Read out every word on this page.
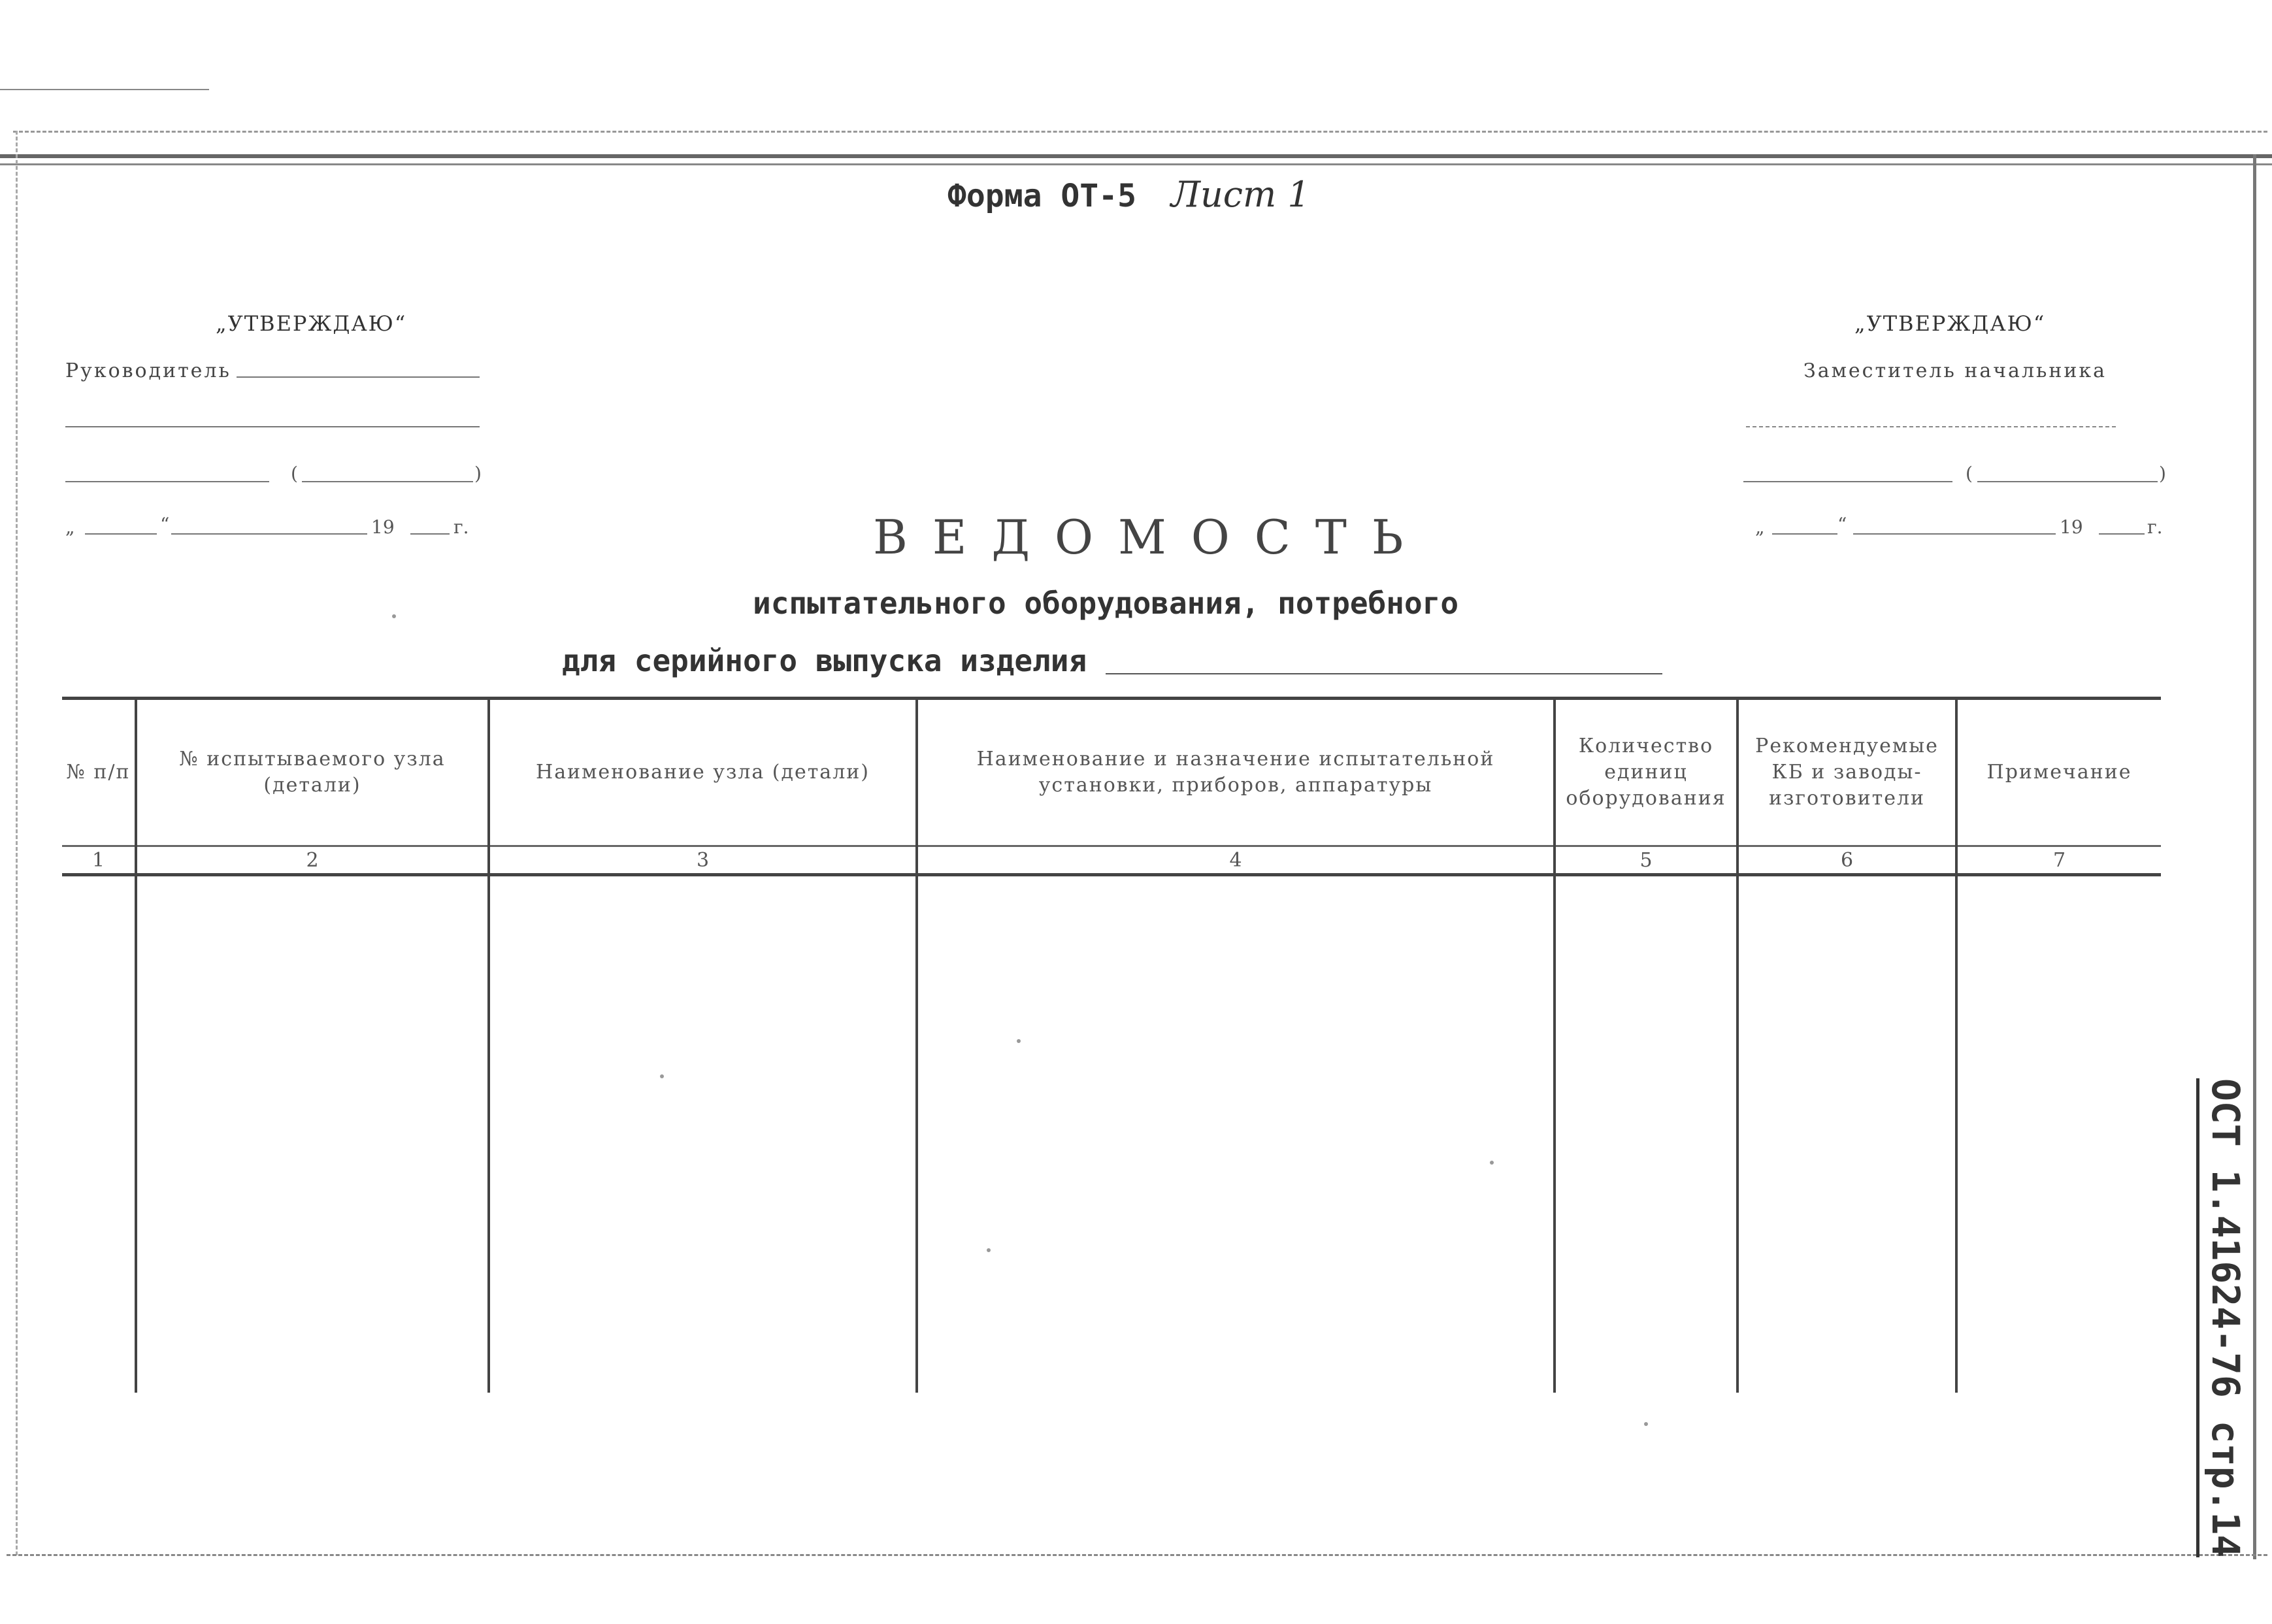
Форма ОТ-5 Лист 1
„УТВЕРЖДАЮ“
Руководитель
(	)
„	“	19	г.
„УТВЕРЖДАЮ“
Заместитель начальника
(	)
„	“	19	г.
ВЕДОМОСТЬ
испытательного оборудования, потребного
для серийного выпуска изделия
№ п/п	№ испытываемого узла (детали)	Наименование узла (детали)	Наименование и назначение испытательной установки, приборов, аппаратуры	Количество единиц оборудования	Рекомендуемые КБ и заводы-изготовители	Примечание
1	2	3	4	5	6	7

ОСТ 1.41624-76 стр.14
